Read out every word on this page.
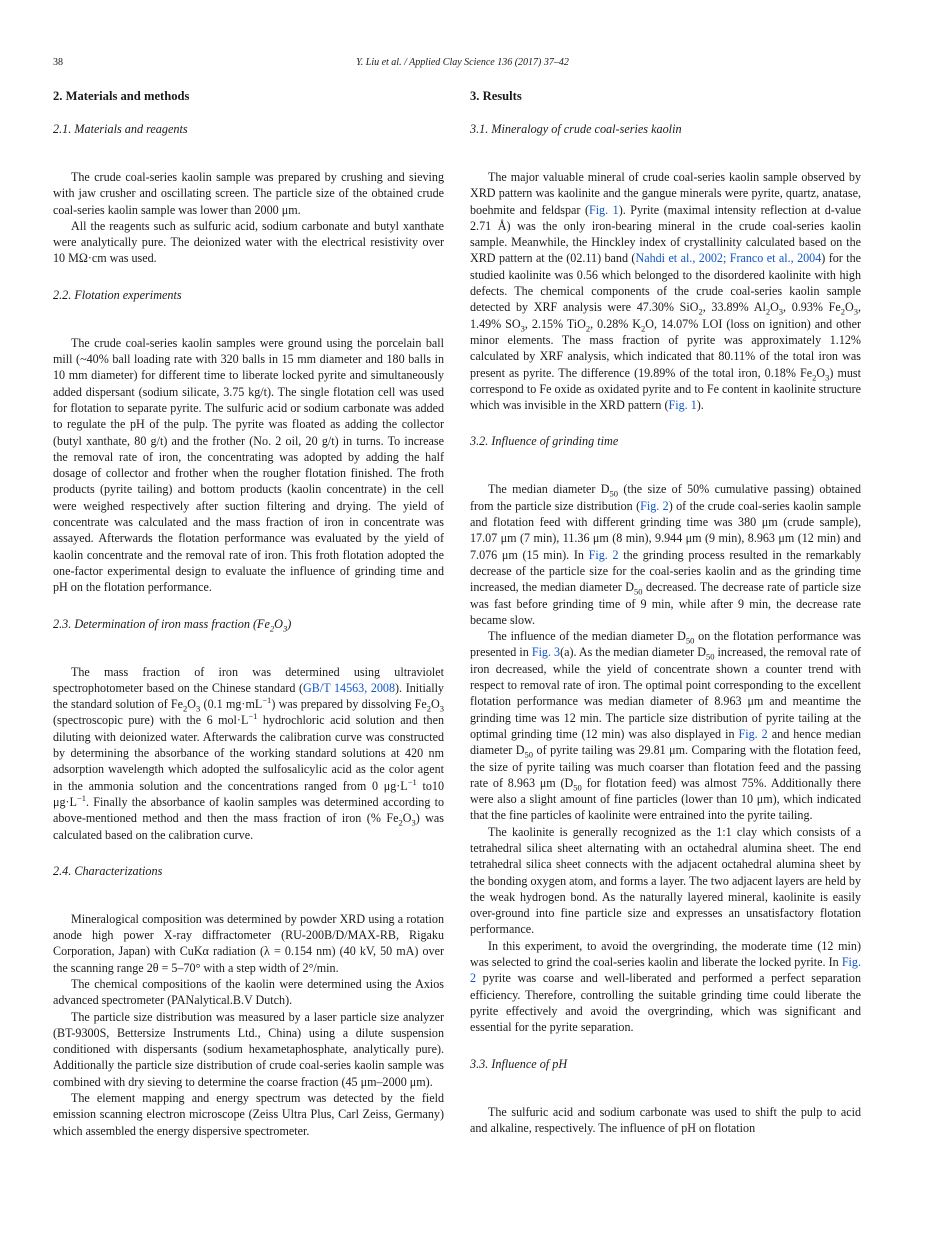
38	Y. Liu et al. / Applied Clay Science 136 (2017) 37–42
2. Materials and methods
2.1. Materials and reagents

The crude coal-series kaolin sample was prepared by crushing and sieving with jaw crusher and oscillating screen. The particle size of the obtained crude coal-series kaolin sample was lower than 2000 μm.

All the reagents such as sulfuric acid, sodium carbonate and butyl xanthate were analytically pure. The deionized water with the electrical resistivity over 10 MΩ·cm was used.

2.2. Flotation experiments

The crude coal-series kaolin samples were ground using the porcelain ball mill (~40% ball loading rate with 320 balls in 15 mm diameter and 180 balls in 10 mm diameter) for different time to liberate locked pyrite and simultaneously added dispersant (sodium silicate, 3.75 kg/t). The single flotation cell was used for flotation to separate pyrite. The sulfuric acid or sodium carbonate was added to regulate the pH of the pulp. The pyrite was floated as adding the collector (butyl xanthate, 80 g/t) and the frother (No. 2 oil, 20 g/t) in turns. To increase the removal rate of iron, the concentrating was adopted by adding the half dosage of collector and frother when the rougher flotation finished. The froth products (pyrite tailing) and bottom products (kaolin concentrate) in the cell were weighed respectively after suction filtering and drying. The yield of concentrate was calculated and the mass fraction of iron in concentrate was assayed. Afterwards the flotation performance was evaluated by the yield of kaolin concentrate and the removal rate of iron. This froth flotation adopted the one-factor experimental design to evaluate the influence of grinding time and pH on the flotation performance.

2.3. Determination of iron mass fraction $(Fe_2O_3)$

The mass fraction of iron was determined using ultraviolet spectrophotometer based on the Chinese standard (GB/T 14563, 2008). Initially the standard solution of $Fe_2O_3$ (0.1 $mg\cdot mL^{-1}$) was prepared by dissolving $Fe_2O_3$ (spectroscopic pure) with the 6 $mol\cdot L^{-1}$ hydrochloric acid solution and then diluting with deionized water. Afterwards the calibration curve was constructed by determining the absorbance of the working standard solutions at 420 nm adsorption wavelength which adopted the sulfosalicylic acid as the color agent in the ammonia solution and the concentrations ranged from 0 $\mu g\cdot L^{-1}$ to10 $\mu g\cdot L^{-1}$. Finally the absorbance of kaolin samples was determined according to above-mentioned method and then the mass fraction of iron (% $Fe_2O_3$) was calculated based on the calibration curve.

2.4. Characterizations

Mineralogical composition was determined by powder XRD using a rotation anode high power X-ray diffractometer (RU-200B/D/MAX-RB, Rigaku Corporation, Japan) with CuKα radiation (λ = 0.154 nm) (40 kV, 50 mA) over the scanning range 2θ = 5–70° with a step width of 2°/min.

The chemical compositions of the kaolin were determined using the Axios advanced spectrometer (PANalytical.B.V Dutch).

The particle size distribution was measured by a laser particle size analyzer (BT-9300S, Bettersize Instruments Ltd., China) using a dilute suspension conditioned with dispersants (sodium hexametaphosphate, analytically pure). Additionally the particle size distribution of crude coal-series kaolin sample was combined with dry sieving to determine the coarse fraction (45 μm–2000 μm).

The element mapping and energy spectrum was detected by the field emission scanning electron microscope (Zeiss Ultra Plus, Carl Zeiss, Germany) which assembled the energy dispersive spectrometer.

3. Results
3.1. Mineralogy of crude coal-series kaolin

The major valuable mineral of crude coal-series kaolin sample observed by XRD pattern was kaolinite and the gangue minerals were pyrite, quartz, anatase, boehmite and feldspar (Fig. 1). Pyrite (maximal intensity reflection at d-value 2.71 Å) was the only iron-bearing mineral in the crude coal-series kaolin sample. Meanwhile, the Hinckley index of crystallinity calculated based on the XRD pattern at the (02.11) band (Nahdi et al., 2002; Franco et al., 2004) for the studied kaolinite was 0.56 which belonged to the disordered kaolinite with high defects. The chemical components of the crude coal-series kaolin sample detected by XRF analysis were 47.30% SiO$_2$, 33.89% $Al_2O_3$, 0.93% $Fe_2O_3$, 1.49% $SO_3$, 2.15% TiO$_2$, 0.28% $K_2O$, 14.07% LOI (loss on ignition) and other minor elements. The mass fraction of pyrite was approximately 1.12% calculated by XRF analysis, which indicated that 80.11% of the total iron was present as pyrite. The difference (19.89% of the total iron, 0.18% $Fe_2O_3$) must correspond to Fe oxide as oxidated pyrite and to Fe content in kaolinite structure which was invisible in the XRD pattern (Fig. 1).

3.2. Influence of grinding time

The median diameter $D_{50}$ (the size of 50% cumulative passing) obtained from the particle size distribution (Fig. 2) of the crude coal-series kaolin sample and flotation feed with different grinding time was 380 μm (crude sample), 17.07 μm (7 min), 11.36 μm (8 min), 9.944 μm (9 min), 8.963 μm (12 min) and 7.076 μm (15 min). In Fig. 2 the grinding process resulted in the remarkably decrease of the particle size for the coal-series kaolin and as the grinding time increased, the median diameter $D_{50}$ decreased. The decrease rate of particle size was fast before grinding time of 9 min, while after 9 min, the decrease rate became slow.

The influence of the median diameter $D_{50}$ on the flotation performance was presented in Fig. 3(a). As the median diameter $D_{50}$ increased, the removal rate of iron decreased, while the yield of concentrate shown a counter trend with respect to removal rate of iron. The optimal point corresponding to the excellent flotation performance was median diameter of 8.963 μm and meantime the grinding time was 12 min. The particle size distribution of pyrite tailing at the optimal grinding time (12 min) was also displayed in Fig. 2 and hence median diameter $D_{50}$ of pyrite tailing was 29.81 μm. Comparing with the flotation feed, the size of pyrite tailing was much coarser than flotation feed and the passing rate of 8.963 μm ($D_{50}$ for flotation feed) was almost 75%. Additionally there were also a slight amount of fine particles (lower than 10 μm), which indicated that the fine particles of kaolinite were entrained into the pyrite tailing.

The kaolinite is generally recognized as the 1:1 clay which consists of a tetrahedral silica sheet alternating with an octahedral alumina sheet. The end tetrahedral silica sheet connects with the adjacent octahedral alumina sheet by the bonding oxygen atom, and forms a layer. The two adjacent layers are held by the weak hydrogen bond. As the naturally layered mineral, kaolinite is easily over-ground into fine particle size and expresses an unsatisfactory flotation performance.

In this experiment, to avoid the overgrinding, the moderate time (12 min) was selected to grind the coal-series kaolin and liberate the locked pyrite. In Fig. 2 pyrite was coarse and well-liberated and performed a perfect separation efficiency. Therefore, controlling the suitable grinding time could liberate the pyrite effectively and avoid the overgrinding, which was significant and essential for the pyrite separation.

3.3. Influence of pH

The sulfuric acid and sodium carbonate was used to shift the pulp to acid and alkaline, respectively. The influence of pH on flotation
